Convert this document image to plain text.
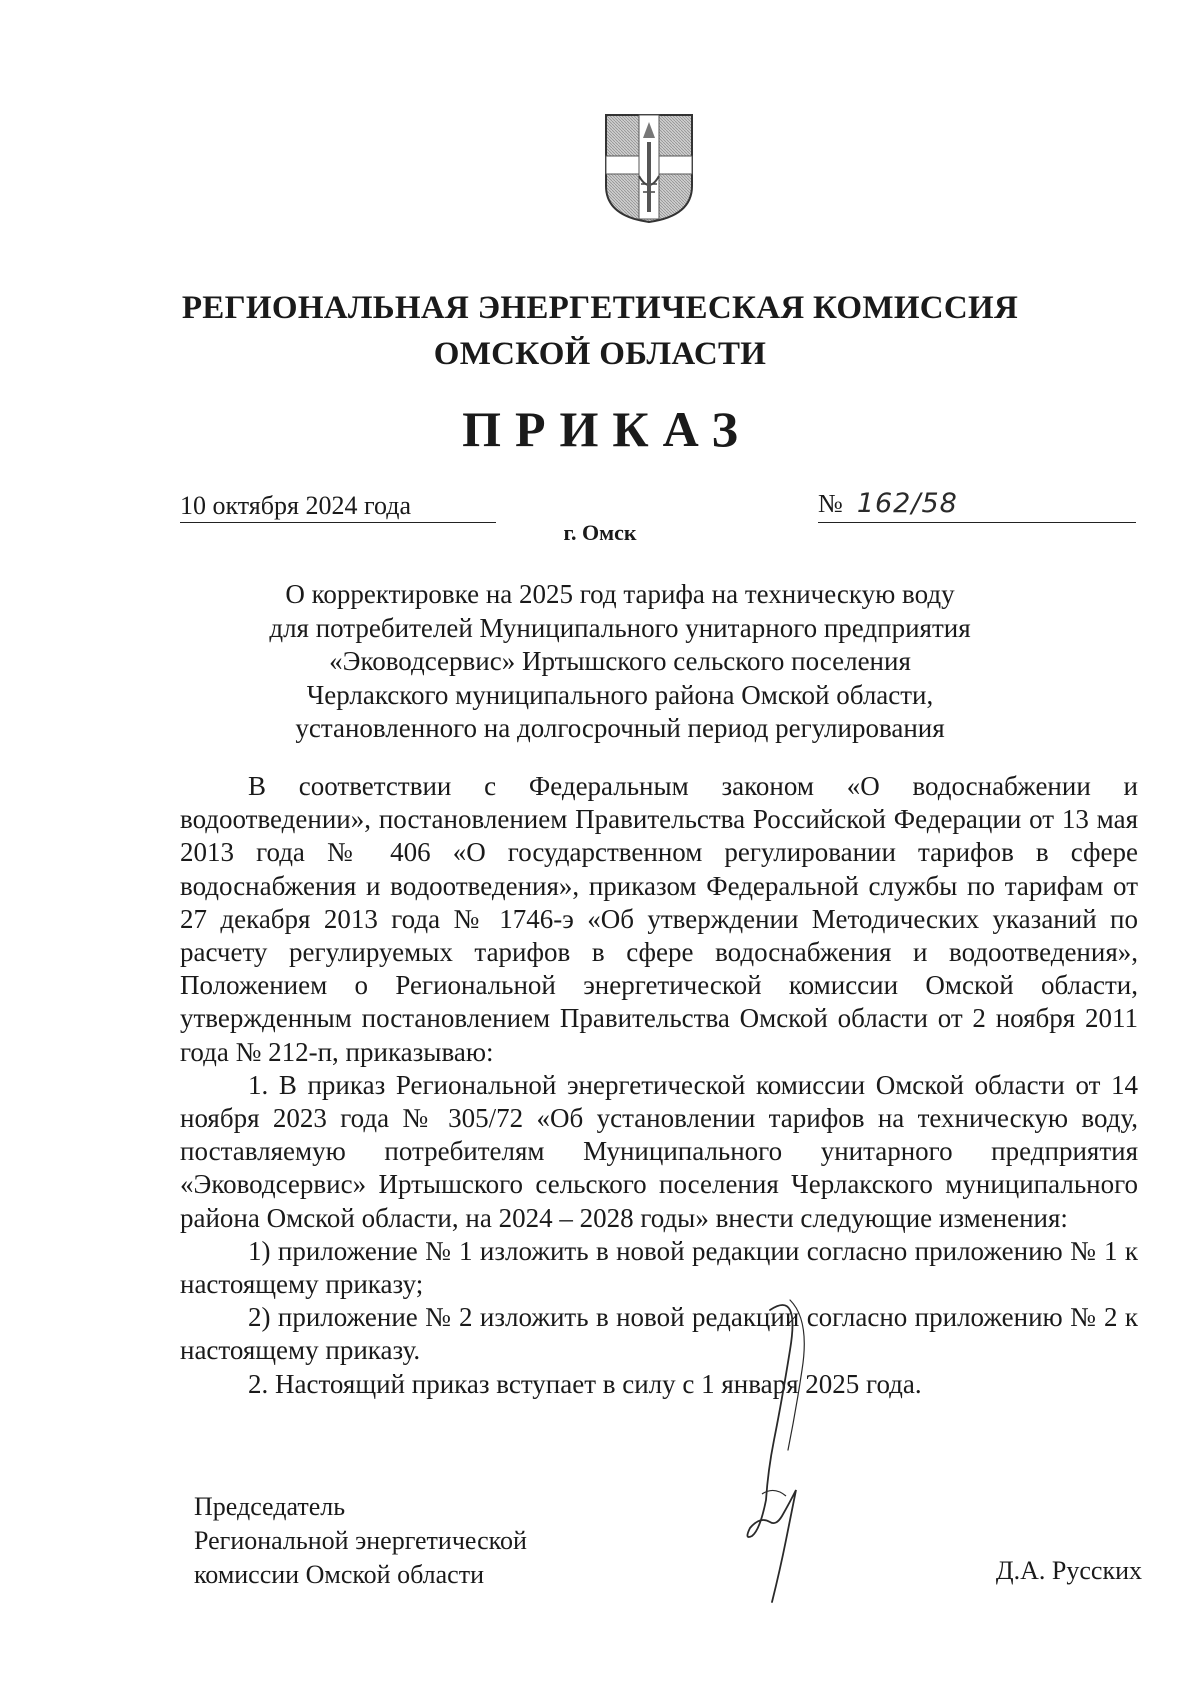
РЕГИОНАЛЬНАЯ ЭНЕРГЕТИЧЕСКАЯ КОМИССИЯ
ОМСКОЙ ОБЛАСТИ
ПРИКАЗ
10 октября 2024 года	№ 162/58
г. Омск
О корректировке на 2025 год тарифа на техническую воду
для потребителей Муниципального унитарного предприятия
«Эководсервис» Иртышского сельского поселения
Черлакского муниципального района Омской области,
установленного на долгосрочный период регулирования

В соответствии с Федеральным законом «О водоснабжении и водоотведении», постановлением Правительства Российской Федерации от 13 мая 2013 года № 406 «О государственном регулировании тарифов в сфере водоснабжения и водоотведения», приказом Федеральной службы по тарифам от 27 декабря 2013 года № 1746-э «Об утверждении Методических указаний по расчету регулируемых тарифов в сфере водоснабжения и водоотведения», Положением о Региональной энергетической комиссии Омской области, утвержденным постановлением Правительства Омской области от 2 ноября 2011 года № 212-п, приказываю:

1. В приказ Региональной энергетической комиссии Омской области от 14 ноября 2023 года № 305/72 «Об установлении тарифов на техническую воду, поставляемую потребителям Муниципального унитарного предприятия «Эководсервис» Иртышского сельского поселения Черлакского муниципального района Омской области, на 2024 – 2028 годы» внести следующие изменения:

1) приложение № 1 изложить в новой редакции согласно приложению № 1 к настоящему приказу;

2) приложение № 2 изложить в новой редакции согласно приложению № 2 к настоящему приказу.

2. Настоящий приказ вступает в силу с 1 января 2025 года.

Председатель
Региональной энергетической
комиссии Омской области	Д.А. Русских
